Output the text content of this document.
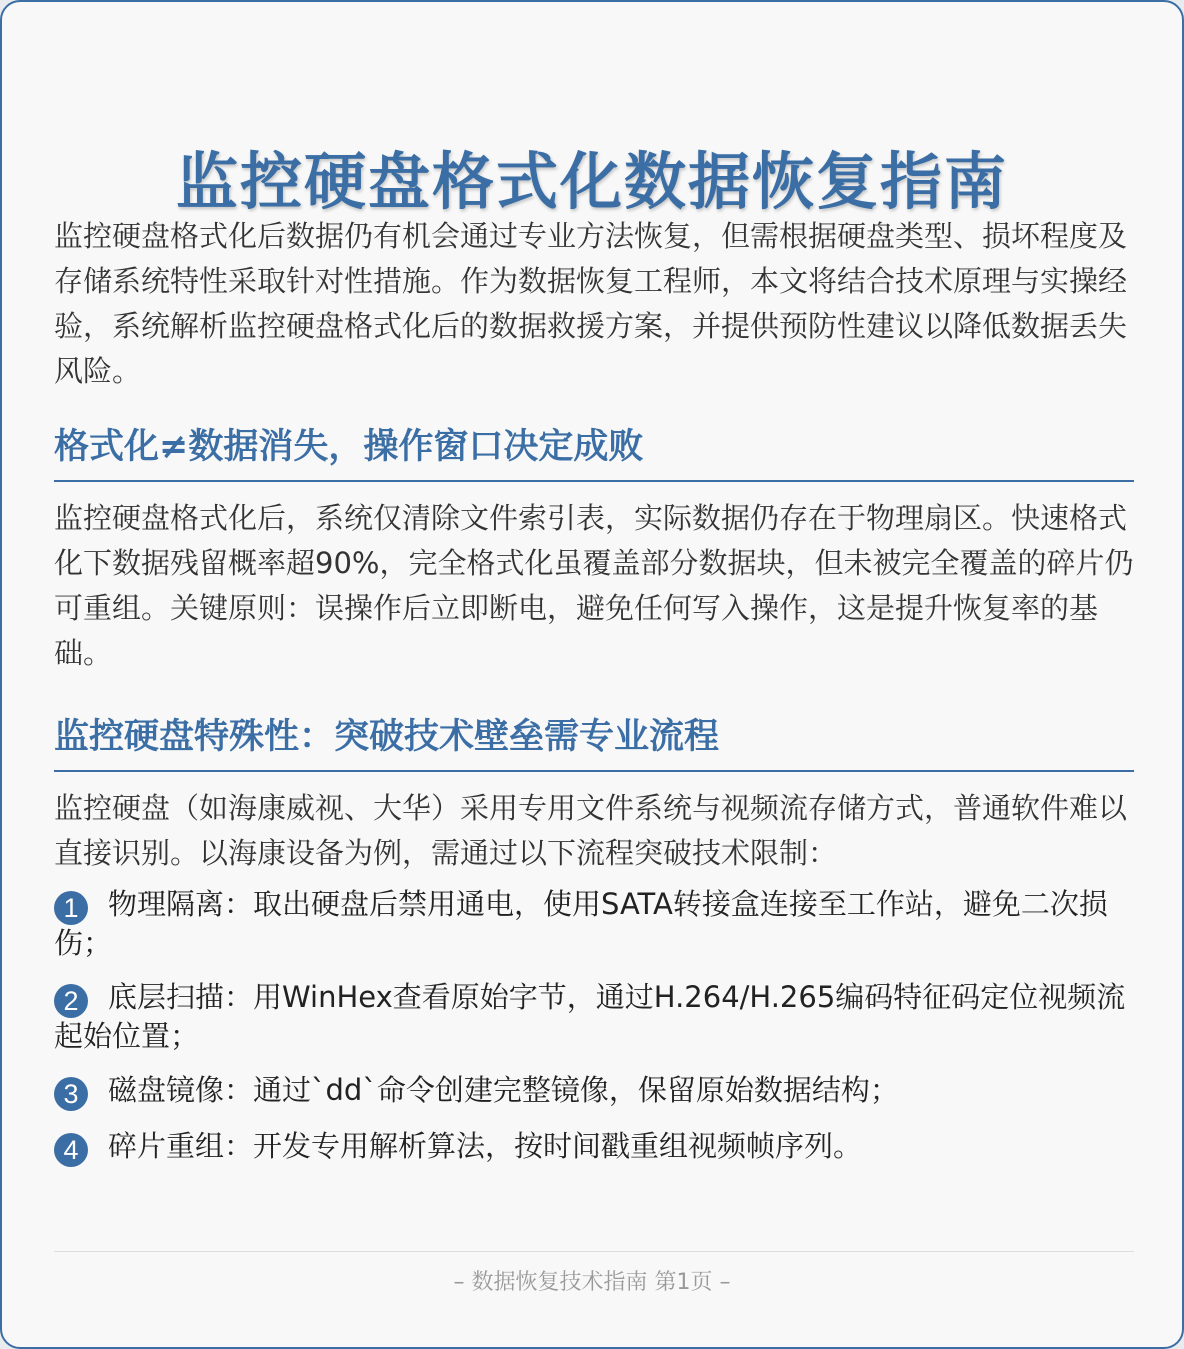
监控硬盘格式化数据恢复指南

监控硬盘格式化后数据仍有机会通过专业方法恢复，但需根据硬盘类型、损坏程度及存储系统特性采取针对性措施。作为数据恢复工程师，本文将结合技术原理与实操经验，系统解析监控硬盘格式化后的数据救援方案，并提供预防性建议以降低数据丢失风险。

格式化≠数据消失，操作窗口决定成败

监控硬盘格式化后，系统仅清除文件索引表，实际数据仍存在于物理扇区。快速格式化下数据残留概率超90%，完全格式化虽覆盖部分数据块，但未被完全覆盖的碎片仍可重组。关键原则：误操作后立即断电，避免任何写入操作，这是提升恢复率的基础。

监控硬盘特殊性：突破技术壁垒需专业流程

监控硬盘（如海康威视、大华）采用专用文件系统与视频流存储方式，普通软件难以直接识别。以海康设备为例，需通过以下流程突破技术限制：

1 物理隔离：取出硬盘后禁用通电，使用SATA转接盒连接至工作站，避免二次损伤；
2 底层扫描：用WinHex查看原始字节，通过H.264/H.265编码特征码定位视频流起始位置；
3 磁盘镜像：通过`dd`命令创建完整镜像，保留原始数据结构；
4 碎片重组：开发专用解析算法，按时间戳重组视频帧序列。
– 数据恢复技术指南 第1页 –
